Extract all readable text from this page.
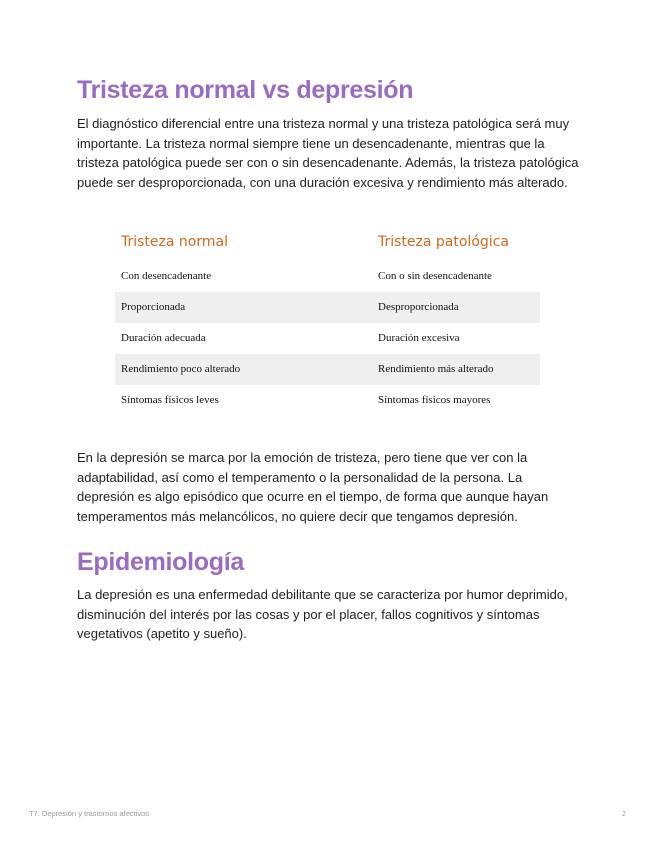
Tristeza normal vs depresión

El diagnóstico diferencial entre una tristeza normal y una tristeza patológica será muy importante. La tristeza normal siempre tiene un desencadenante, mientras que la tristeza patológica puede ser con o sin desencadenante. Además, la tristeza patológica puede ser desproporcionada, con una duración excesiva y rendimiento más alterado.

Tristeza normal	Tristeza patológica
Con desencadenante	Con o sin desencadenante
Proporcionada	Desproporcionada
Duración adecuada	Duración excesiva
Rendimiento poco alterado	Rendimiento más alterado
Síntomas físicos leves	Síntomas físicos mayores

En la depresión se marca por la emoción de tristeza, pero tiene que ver con la adaptabilidad, así como el temperamento o la personalidad de la persona. La depresión es algo episódico que ocurre en el tiempo, de forma que aunque hayan temperamentos más melancólicos, no quiere decir que tengamos depresión.

Epidemiología

La depresión es una enfermedad debilitante que se caracteriza por humor deprimido, disminución del interés por las cosas y por el placer, fallos cognitivos y síntomas vegetativos (apetito y sueño).

T7. Depresión y trastornos afectivos	2
